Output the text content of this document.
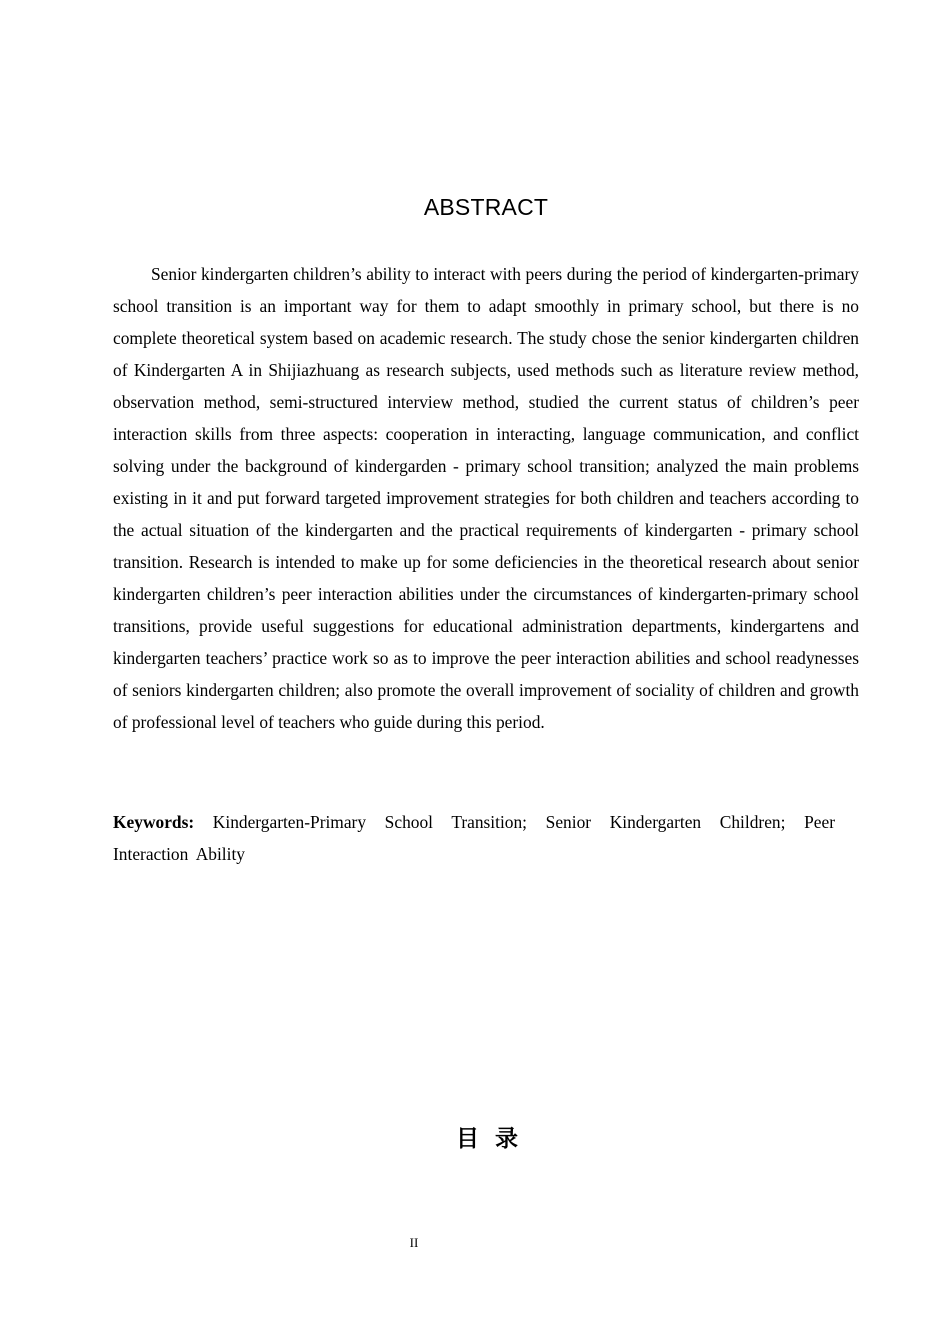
ABSTRACT

Senior kindergarten children’s ability to interact with peers during the period of kindergarten-primary school transition is an important way for them to adapt smoothly in primary school, but there is no complete theoretical system based on academic research. The study chose the senior kindergarten children of Kindergarten A in Shijiazhuang as research subjects, used methods such as literature review method, observation method, semi-structured interview method, studied the current status of children’s peer interaction skills from three aspects: cooperation in interacting, language communication, and conflict solving under the background of kindergarden - primary school transition; analyzed the main problems existing in it and put forward targeted improvement strategies for both children and teachers according to the actual situation of the kindergarten and the practical requirements of kindergarten - primary school transition. Research is intended to make up for some deficiencies in the theoretical research about senior kindergarten children’s peer interaction abilities under the circumstances of kindergarten-primary school transitions, provide useful suggestions for educational administration departments, kindergartens and kindergarten teachers’ practice work so as to improve the peer interaction abilities and school readynesses of seniors kindergarten children; also promote the overall improvement of sociality of children and growth of professional level of teachers who guide during this period.

Keywords: Kindergarten-Primary School Transition; Senior Kindergarten Children; Peer Interaction Ability

目  录
II
